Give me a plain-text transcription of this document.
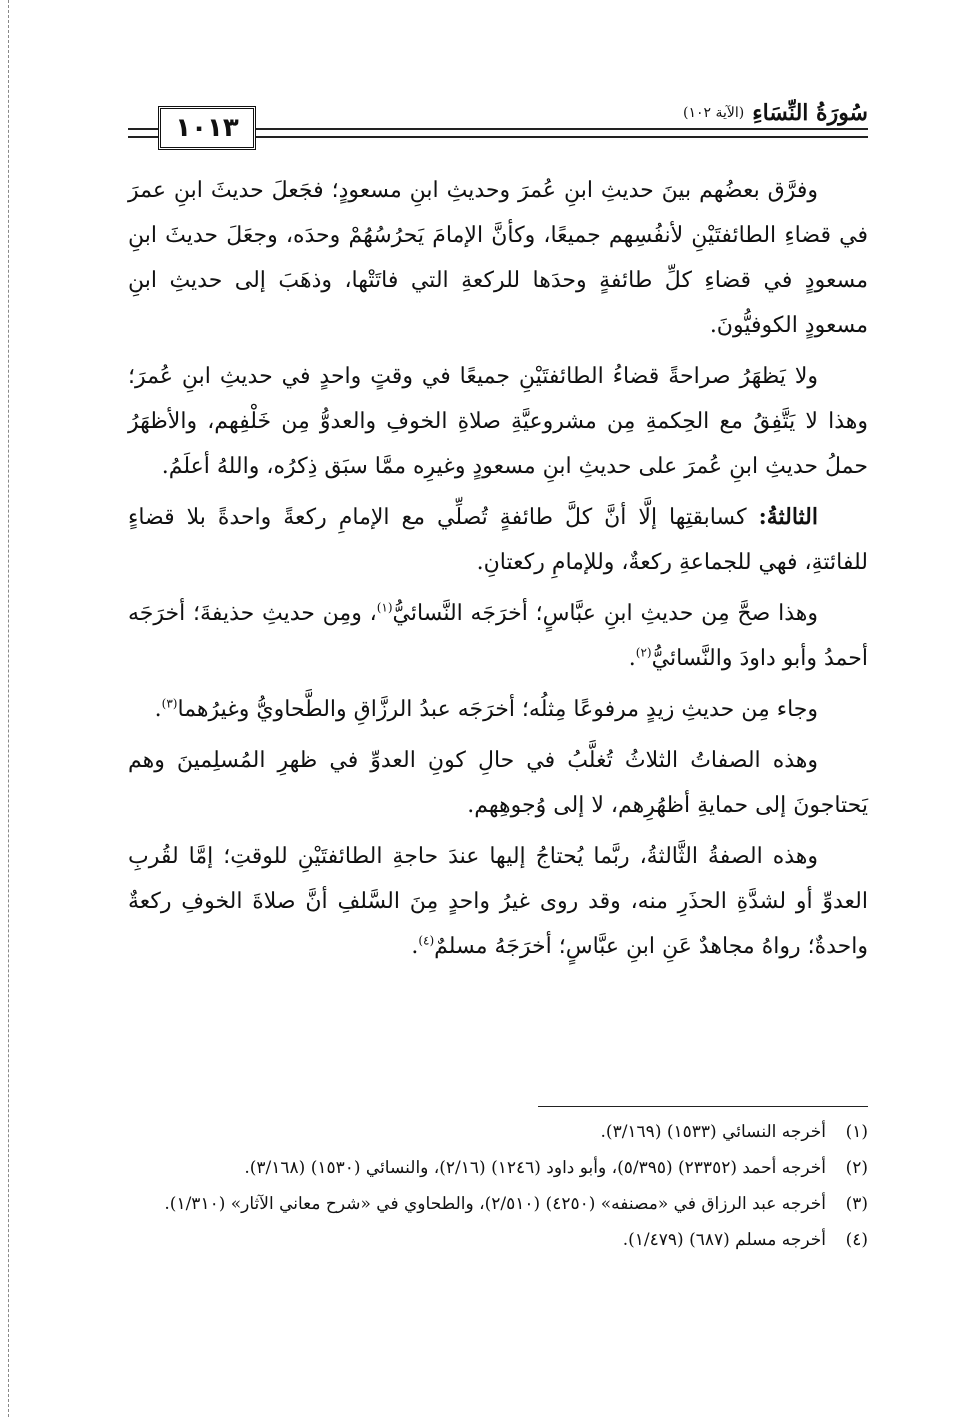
سُورَةُ النِّسَاءِ
(الآية ١٠٢)
١٠١٣

وفرَّق بعضُهم بينَ حديثِ ابنِ عُمرَ وحديثِ ابنِ مسعودٍ؛ فجَعلَ حديثَ ابنِ عمرَ في قضاءِ الطائفتَيْنِ لأنفُسِهم جميعًا، وكأنَّ الإمامَ يَحرُسُهُمْ وحدَه، وجعَلَ حديثَ ابنِ مسعودٍ في قضاءِ كلِّ طائفةٍ وحدَها للركعةِ التي فاتَتْها، وذهَبَ إلى حديثِ ابنِ مسعودٍ الكوفيُّونَ.

ولا يَظهَرُ صراحةً قضاءُ الطائفتَيْنِ جميعًا في وقتٍ واحدٍ في حديثِ ابنِ عُمرَ؛ وهذا لا يَتَّفِقُ مع الحِكمةِ مِن مشروعيَّةِ صلاةِ الخوفِ والعدوُّ مِن خَلْفِهم، والأظهَرُ حملُ حديثِ ابنِ عُمرَ على حديثِ ابنِ مسعودٍ وغيرِه ممَّا سبَق ذِكرُه، واللهُ أعلَمُ.

الثالثةُ: كسابقتِها إلَّا أنَّ كلَّ طائفةٍ تُصلِّي مع الإمامِ ركعةً واحدةً بلا قضاءٍ للفائتةِ، فهي للجماعةِ ركعةٌ، وللإمامِ ركعتانِ.

وهذا صحَّ مِن حديثِ ابنِ عبَّاسٍ؛ أخرَجَه النَّسائيُّ$^{(١)}$، ومِن حديثِ حذيفةَ؛ أخرَجَه أحمدُ وأبو داودَ والنَّسائيُّ$^{(٢)}$.

وجاء مِن حديثِ زيدٍ مرفوعًا مِثلُه؛ أخرَجَه عبدُ الرزَّاقِ والطَّحاويُّ وغيرُهما$^{(٣)}$.

وهذه الصفاتُ الثلاثُ تُغلَّبُ في حالِ كونِ العدوِّ في ظهرِ المُسلِمينَ وهم يَحتاجونَ إلى حمايةِ أظهُرِهم، لا إلى وُجوهِهم.

وهذه الصفةُ الثَّالثةُ، ربَّما يُحتاجُ إليها عندَ حاجةِ الطائفتَيْنِ للوقتِ؛ إمَّا لقُربِ العدوِّ أو لشدَّةِ الحذَرِ منه، وقد روى غيرُ واحدٍ مِنَ السَّلفِ أنَّ صلاةَ الخوفِ ركعةٌ واحدةٌ؛ رواهُ مجاهدٌ عَنِ ابنِ عبَّاسٍ؛ أخرَجَهُ مسلمٌ$^{(٤)}$.

(١)
أخرجه النسائي (١٥٣٣) (٣/١٦٩).
(٢)
أخرجه أحمد (٢٣٣٥٢) (٥/٣٩٥)، وأبو داود (١٢٤٦) (٢/١٦)، والنسائي (١٥٣٠) (٣/١٦٨).
(٣)
أخرجه عبد الرزاق في «مصنفه» (٤٢٥٠) (٢/٥١٠)، والطحاوي في «شرح معاني الآثار» (١/٣١٠).
(٤)
أخرجه مسلم (٦٨٧) (١/٤٧٩).
